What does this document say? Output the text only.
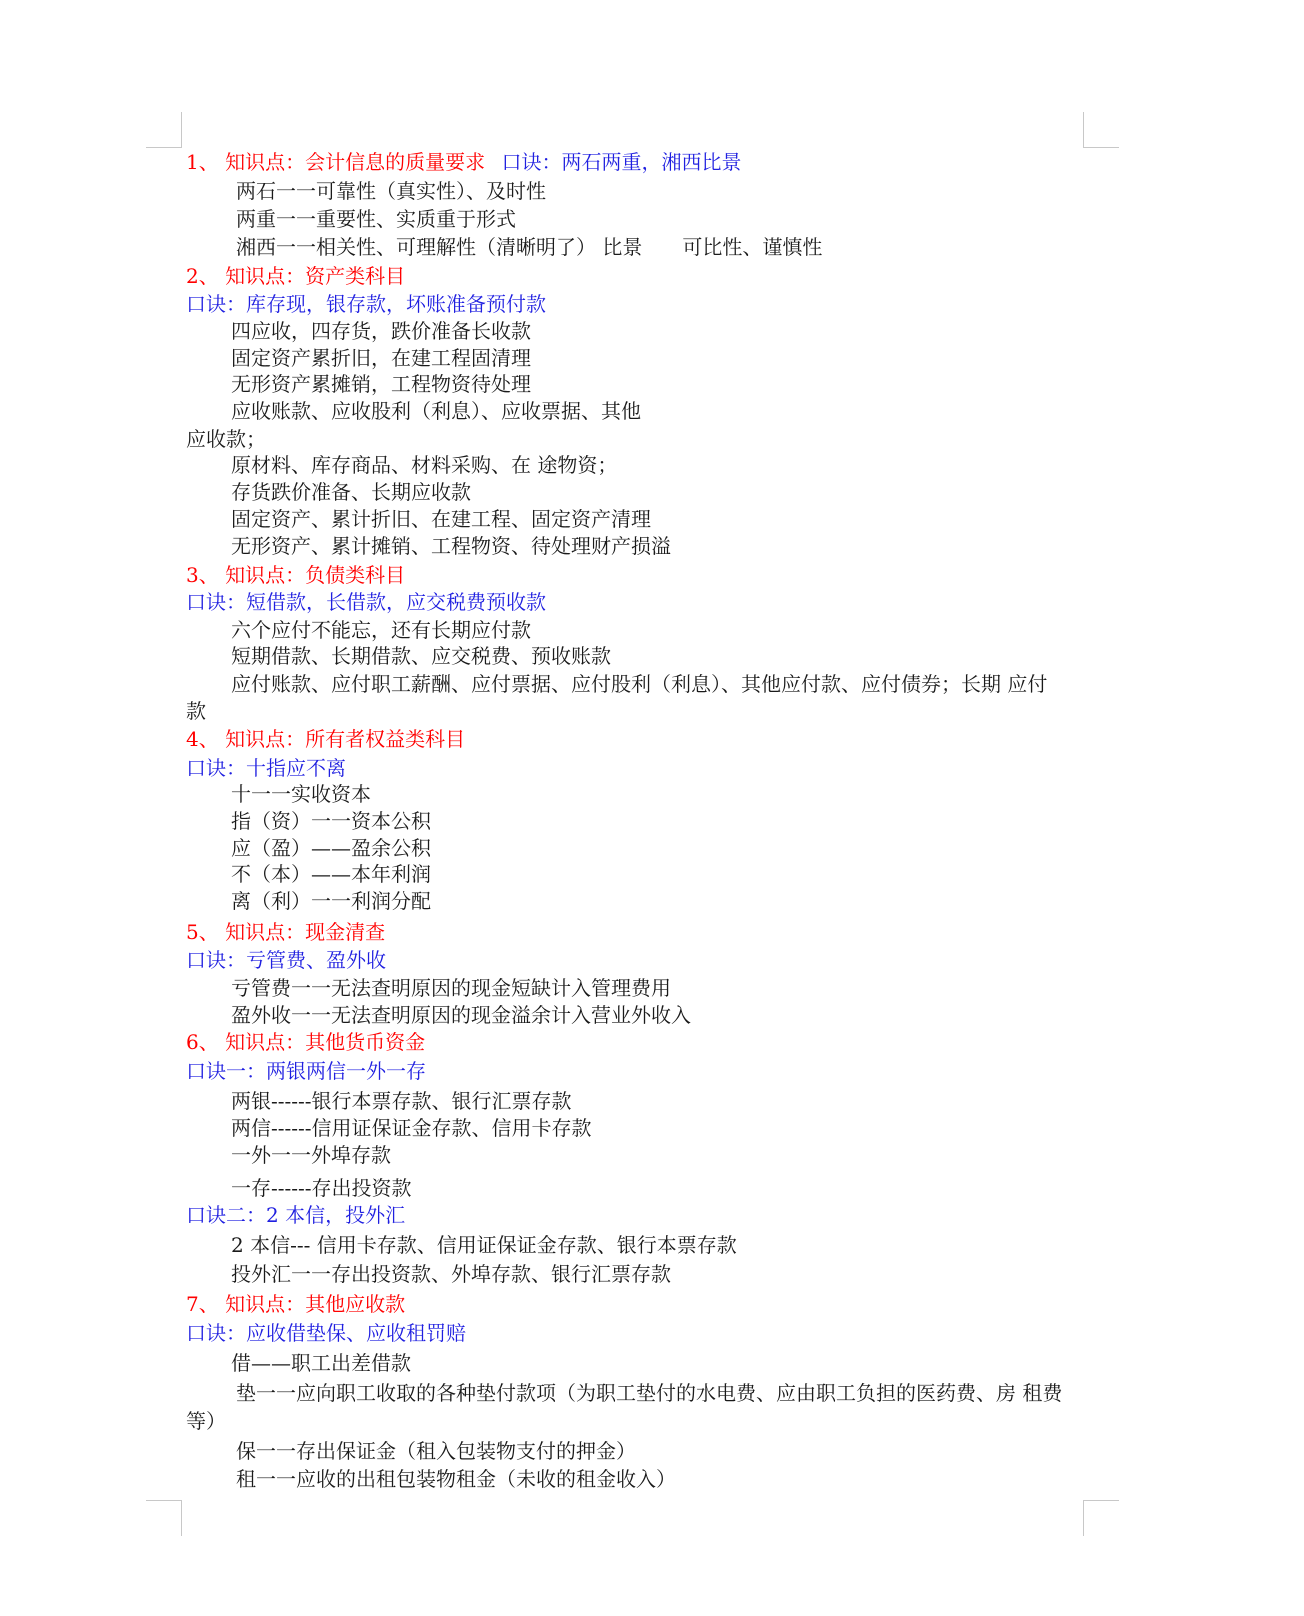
1、 知识点：会计信息的质量要求 口诀：两石两重，湘西比景
两石一一可靠性（真实性）、及时性
两重一一重要性、实质重于形式
湘西一一相关性、可理解性（清晰明了） 比景　　可比性、谨慎性
2、 知识点：资产类科目
口诀：库存现，银存款，坏账准备预付款
四应收，四存货，跌价准备长收款
固定资产累折旧，在建工程固清理
无形资产累摊销，工程物资待处理
应收账款、应收股利（利息）、应收票据、其他
应收款；
原材料、库存商品、材料采购、在 途物资；
存货跌价准备、长期应收款
固定资产、累计折旧、在建工程、固定资产清理
无形资产、累计摊销、工程物资、待处理财产损溢
3、 知识点：负债类科目
口诀：短借款，长借款，应交税费预收款
六个应付不能忘，还有长期应付款
短期借款、长期借款、应交税费、预收账款
应付账款、应付职工薪酬、应付票据、应付股利（利息）、其他应付款、应付债券；长期 应付
款
4、 知识点：所有者权益类科目
口诀：十指应不离
十一一实收资本
指（资）一一资本公积
应（盈）——盈余公积
不（本）——本年利润
离（利）一一利润分配
5、 知识点：现金清查
口诀：亏管费、盈外收
亏管费一一无法查明原因的现金短缺计入管理费用
盈外收一一无法查明原因的现金溢余计入营业外收入
6、 知识点：其他货币资金
口诀一：两银两信一外一存
两银------银行本票存款、银行汇票存款
两信------信用证保证金存款、信用卡存款
一外一一外埠存款
一存------存出投资款
口诀二：2 本信，投外汇
2 本信--- 信用卡存款、信用证保证金存款、银行本票存款
投外汇一一存出投资款、外埠存款、银行汇票存款
7、 知识点：其他应收款
口诀：应收借垫保、应收租罚赔
借——职工出差借款
垫一一应向职工收取的各种垫付款项（为职工垫付的水电费、应由职工负担的医药费、房 租费
等）
保一一存出保证金（租入包装物支付的押金）
租一一应收的出租包装物租金（未收的租金收入）
